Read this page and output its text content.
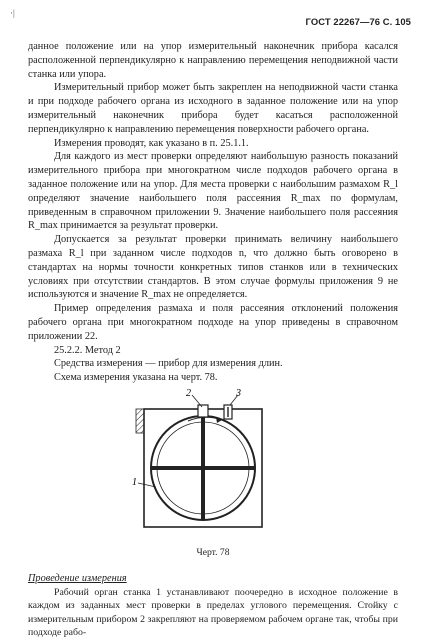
·|
ГОСТ 22267—76 С. 105

данное положение или на упор измерительный наконечник прибора касался расположенной перпендикулярно к направлению перемещения неподвижной части станка или упора.

Измерительный прибор может быть закреплен на неподвижной части станка и при подходе рабочего органа из исходного в заданное положение или на упор измерительный наконечник прибора будет касаться расположенной перпендикулярно к направлению перемещения поверхности рабочего органа.

Измерения проводят, как указано в п. 25.1.1.

Для каждого из мест проверки определяют наибольшую разность показаний измерительного прибора при многократном числе подходов рабочего органа в заданное положение или на упор. Для места проверки с наибольшим размахом R_l определяют значение наибольшего поля рассеяния R_max по формулам, приведенным в справочном приложении 9. Значение наибольшего поля рассеяния R_max принимается за результат проверки.

Допускается за результат проверки принимать величину наибольшего размаха R_l при заданном числе подходов n, что должно быть оговорено в стандартах на нормы точности конкретных типов станков или в технических условиях при отсутствии стандартов. В этом случае формулы приложения 9 не используются и значение R_max не определяется.

Пример определения размаха и поля рассеяния отклонений положения рабочего органа при многократном подходе на упор приведены в справочном приложении 22.

25.2.2. Метод 2

Средства измерения — прибор для измерения длин.

Схема измерения указана на черт. 78.

2	3
1

Черт. 78

Проведение измерения

Рабочий орган станка 1 устанавливают поочередно в исходное положение в каждом из заданных мест проверки в пределах углового перемещения. Стойку с измерительным прибором 2 закрепляют на проверяемом рабочем органе так, чтобы при подходе рабо-
